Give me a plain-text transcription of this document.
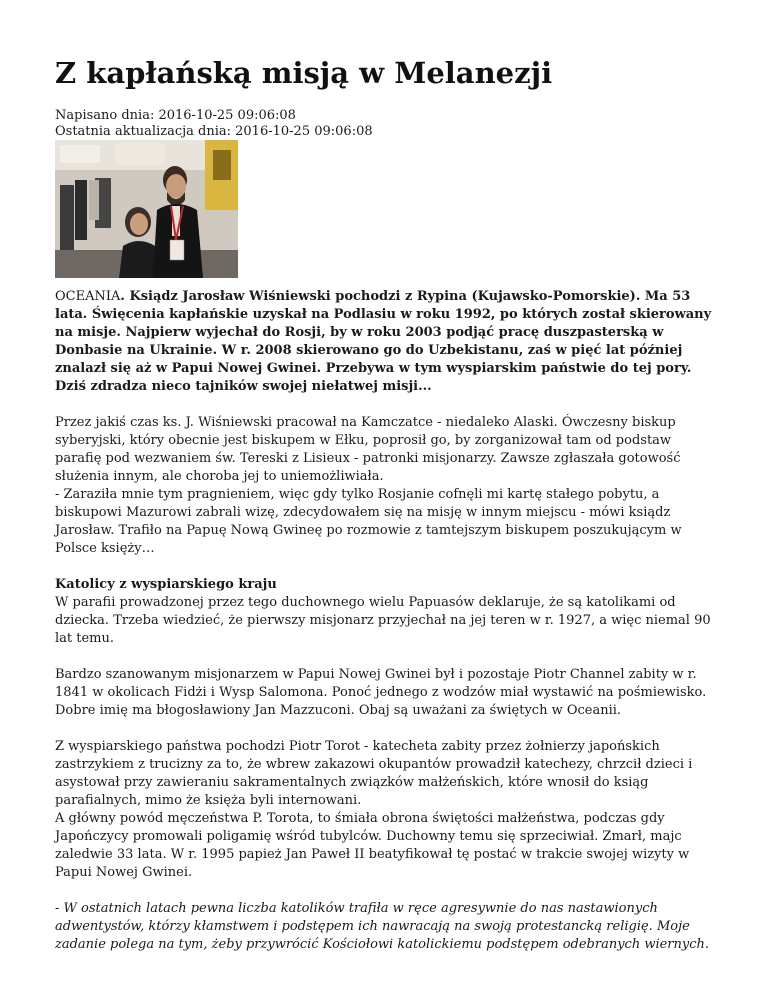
Z kapłańską misją w Melanezji
Napisano dnia: 2016-10-25 09:06:08
Ostatnia aktualizacja dnia: 2016-10-25 09:06:08

OCEANIA. Ksiądz Jarosław Wiśniewski pochodzi z Rypina (Kujawsko-Pomorskie). Ma 53 lata. Święcenia kapłańskie uzyskał na Podlasiu w roku 1992, po których został skierowany na misje. Najpierw wyjechał do Rosji, by w roku 2003 podjąć pracę duszpasterską w Donbasie na Ukrainie. W r. 2008 skierowano go do Uzbekistanu, zaś w pięć lat później znalazł się aż w Papui Nowej Gwinei. Przebywa w tym wyspiarskim państwie do tej pory. Dziś zdradza nieco tajników swojej niełatwej misji...

Przez jakiś czas ks. J. Wiśniewski pracował na Kamczatce - niedaleko Alaski. Ówczesny biskup syberyjski, który obecnie jest biskupem w Ełku, poprosił go, by zorganizował tam od podstaw parafię pod wezwaniem św. Tereski z Lisieux - patronki misjonarzy. Zawsze zgłaszała gotowość służenia innym, ale choroba jej to uniemożliwiała.
- Zaraziła mnie tym pragnieniem, więc gdy tylko Rosjanie cofnęli mi kartę stałego pobytu, a biskupowi Mazurowi zabrali wizę, zdecydowałem się na misję w innym miejscu - mówi ksiądz Jarosław. Trafiło na Papuę Nową Gwineę po rozmowie z tamtejszym biskupem poszukującym w Polsce księży…

Katolicy z wyspiarskiego kraju
W parafii prowadzonej przez tego duchownego wielu Papuasów deklaruje, że są katolikami od dziecka. Trzeba wiedzieć, że pierwszy misjonarz przyjechał na jej teren w r. 1927, a więc niemal 90 lat temu.

Bardzo szanowanym misjonarzem w Papui Nowej Gwinei był i pozostaje Piotr Channel zabity w r. 1841 w okolicach Fidżi i Wysp Salomona. Ponoć jednego z wodzów miał wystawić na pośmiewisko. Dobre imię ma błogosławiony Jan Mazzuconi. Obaj są uważani za świętych w Oceanii.

Z wyspiarskiego państwa pochodzi Piotr Torot - katecheta zabity przez żołnierzy japońskich zastrzykiem z trucizny za to, że wbrew zakazowi okupantów prowadził katechezy, chrzcił dzieci i asystował przy zawieraniu sakramentalnych związków małżeńskich, które wnosił do ksiąg parafialnych, mimo że księża byli internowani.
A główny powód męczeństwa P. Torota, to śmiała obrona świętości małżeństwa, podczas gdy Japończycy promowali poligamię wśród tubylców. Duchowny temu się sprzeciwiał. Zmarł, majc zaledwie 33 lata. W r. 1995 papież Jan Paweł II beatyfikował tę postać w trakcie swojej wizyty w Papui Nowej Gwinei.

- W ostatnich latach pewna liczba katolików trafiła w ręce agresywnie do nas nastawionych adwentystów, którzy kłamstwem i podstępem ich nawracają na swoją protestancką religię. Moje zadanie polega na tym, żeby przywrócić Kościołowi katolickiemu podstępem odebranych wiernych.
